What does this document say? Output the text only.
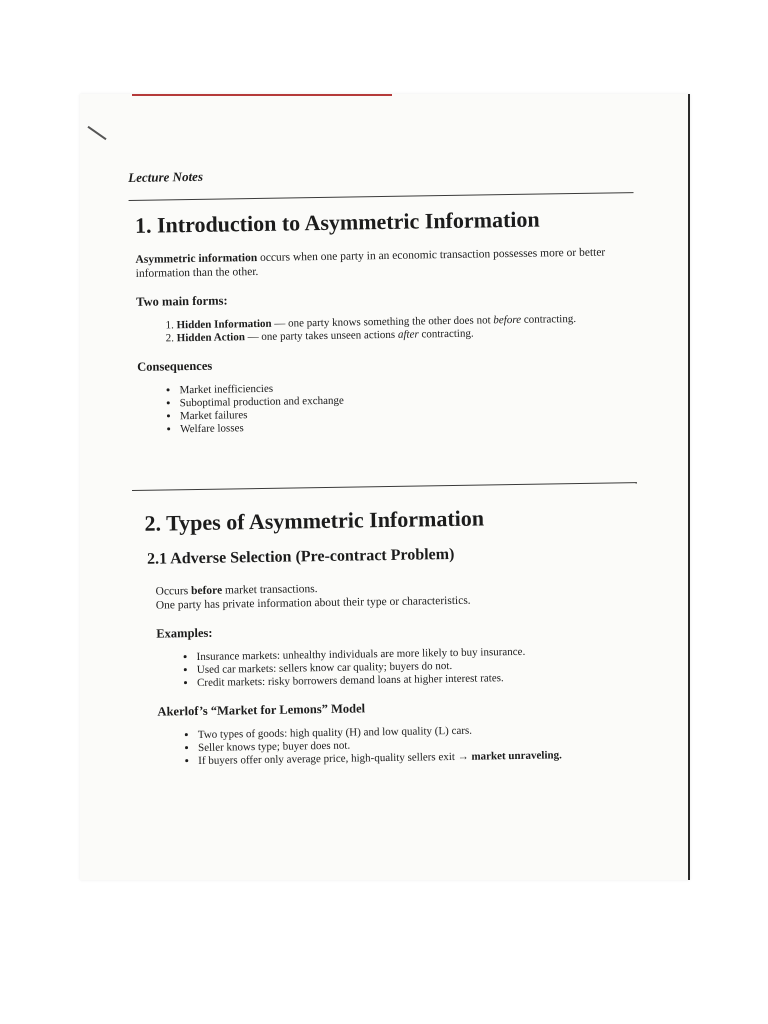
Lecture Notes
1. Introduction to Asymmetric Information
Asymmetric information occurs when one party in an economic transaction possesses more or better information than the other.
Two main forms:
1. Hidden Information — one party knows something the other does not before contracting.
2. Hidden Action — one party takes unseen actions after contracting.
Consequences
• Market inefficiencies
• Suboptimal production and exchange
• Market failures
• Welfare losses
2. Types of Asymmetric Information
2.1 Adverse Selection (Pre-contract Problem)
Occurs before market transactions.
One party has private information about their type or characteristics.
Examples:
• Insurance markets: unhealthy individuals are more likely to buy insurance.
• Used car markets: sellers know car quality; buyers do not.
• Credit markets: risky borrowers demand loans at higher interest rates.
Akerlof’s “Market for Lemons” Model
• Two types of goods: high quality (H) and low quality (L) cars.
• Seller knows type; buyer does not.
• If buyers offer only average price, high-quality sellers exit → market unraveling.
